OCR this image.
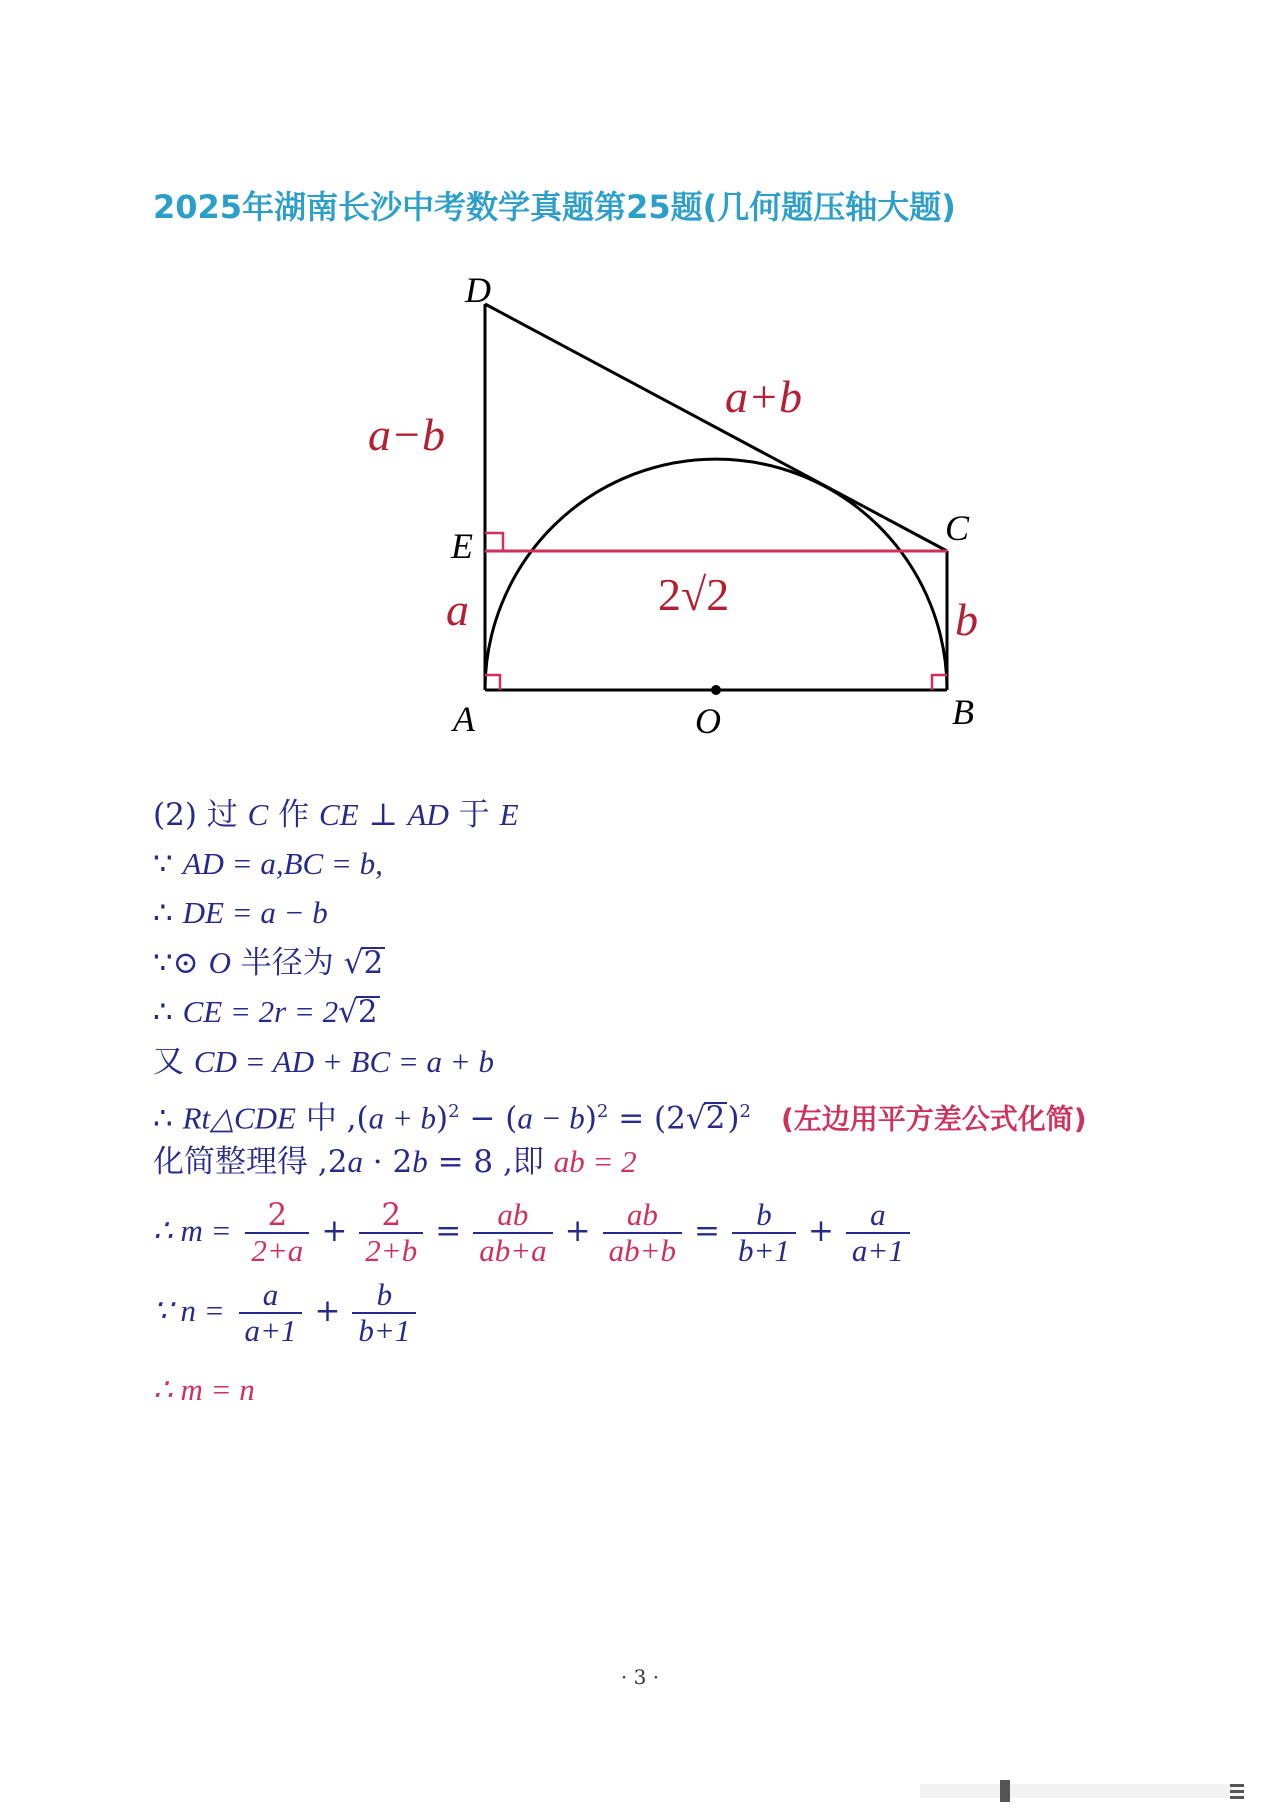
2025年湖南长沙中考数学真题第25题(几何题压轴大题)
D
C
E
A	O	B
a−b
a+b
2√2
a	b
(2) 过 C 作 CE ⊥ AD 于 E
∵ AD = a,BC = b,
∴ DE = a − b
∵⊙ O 半径为 √2
∴ CE = 2r = 2√2
又 CD = AD + BC = a + b
∴ Rt△CDE 中 $,(a + b)^2 - (a - b)^2 = (2√2)^2$ (左边用平方差公式化简)
化简整理得 ,2a · 2b = 8 ,即 ab = 2
∴ $m = \frac{2}{2+a} + \frac{2}{2+b} = \frac{ab}{ab+a} + \frac{ab}{ab+b} = \frac{b}{b+1} + \frac{a}{a+1}$
∵ $n = \frac{a}{a+1} + \frac{b}{b+1}$
∴ m = n
· 3 ·
